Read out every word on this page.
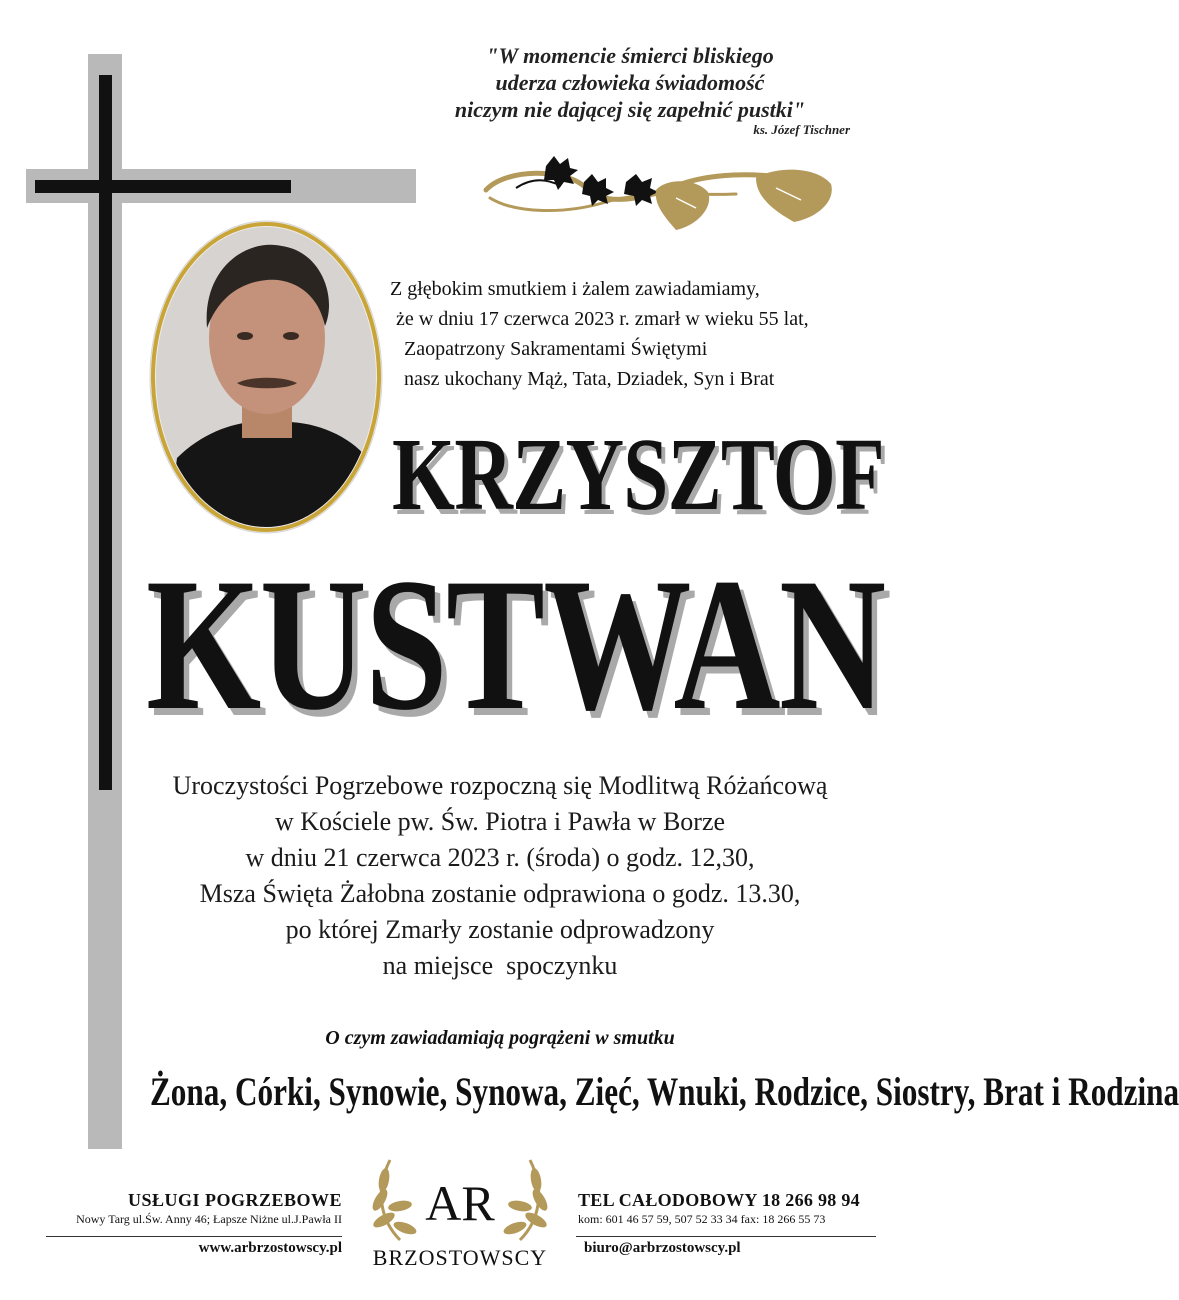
"W momencie śmierci bliskiego
uderza człowieka świadomość
niczym nie dającej się zapełnić pustki"
ks. Józef Tischner
Z głębokim smutkiem i żalem zawiadamiamy,
że w dniu 17 czerwca 2023 r. zmarł w wieku 55 lat,
Zaopatrzony Sakramentami Świętymi
nasz ukochany Mąż, Tata, Dziadek, Syn i Brat
KRZYSZTOF
KUSTWAN
Uroczystości Pogrzebowe rozpoczną się Modlitwą Różańcową
w Kościele pw. Św. Piotra i Pawła w Borze
w dniu 21 czerwca 2023 r. (środa) o godz. 12,30,
Msza Święta Żałobna zostanie odprawiona o godz. 13.30,
po której Zmarły zostanie odprowadzony
na miejsce  spoczynku
O czym zawiadamiają pogrążeni w smutku
Żona, Córki, Synowie, Synowa, Zięć, Wnuki, Rodzice, Siostry, Brat i Rodzina
USŁUGI POGRZEBOWE
Nowy Targ ul.Św. Anny 46; Łapsze Niżne ul.J.Pawła II
www.arbrzostowscy.pl
AR
BRZOSTOWSCY
TEL CAŁODOBOWY 18 266 98 94
kom: 601 46 57 59, 507 52 33 34 fax: 18 266 55 73
biuro@arbrzostowscy.pl
